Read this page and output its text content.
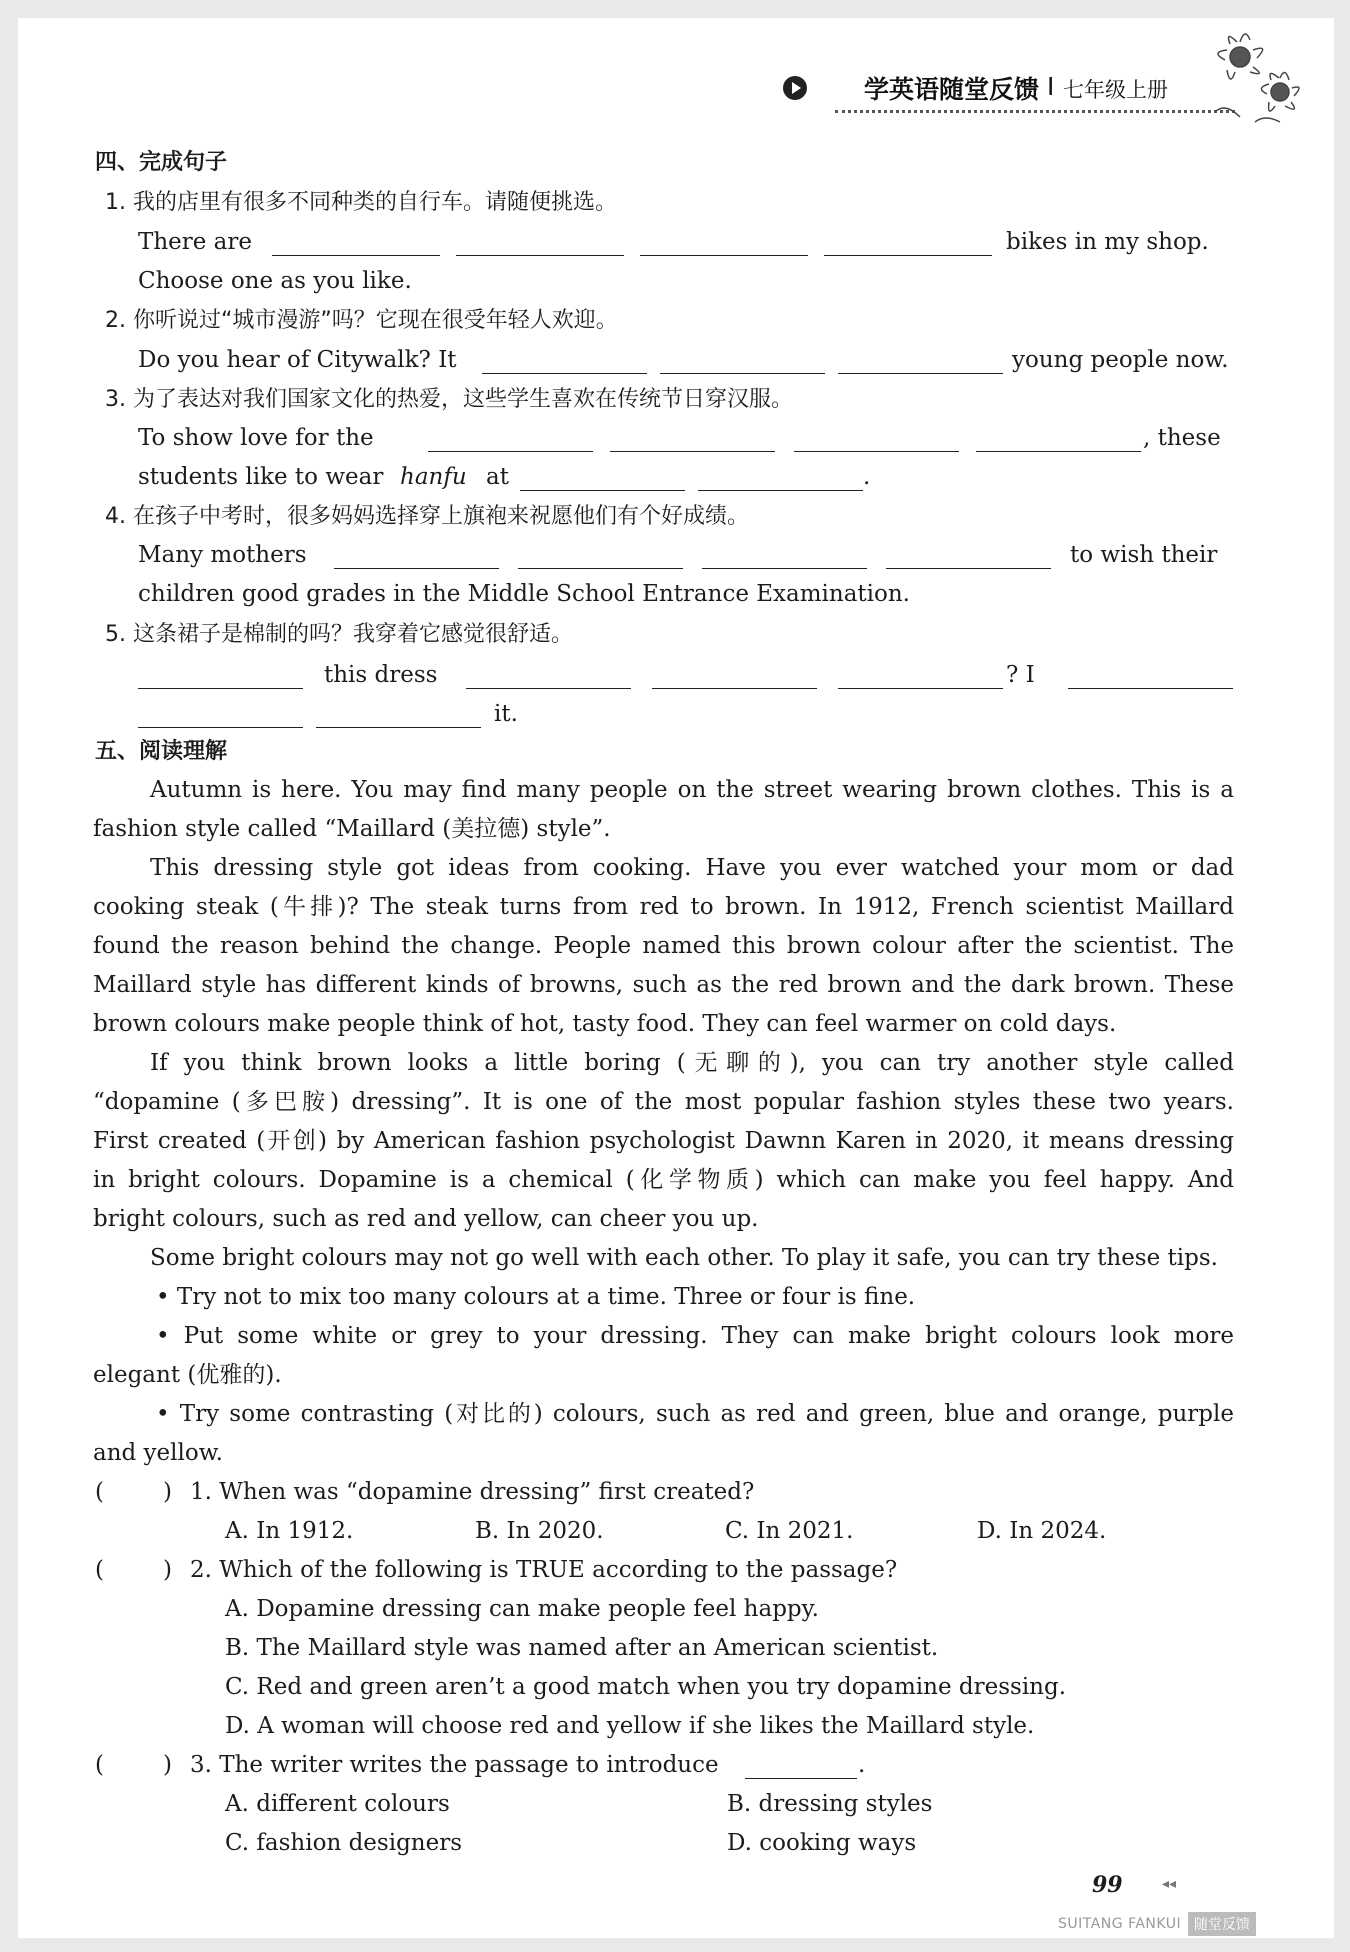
学英语随堂反馈 I 七年级上册
四、完成句子
1. 我的店里有很多不同种类的自行车。请随便挑选。
There are	bikes in my shop.
Choose one as you like.
2. 你听说过“城市漫游”吗？它现在很受年轻人欢迎。
Do you hear of Citywalk? It	young people now.
3. 为了表达对我们国家文化的热爱，这些学生喜欢在传统节日穿汉服。
To show love for the	, these
students like to wear hanfu at	.
4. 在孩子中考时，很多妈妈选择穿上旗袍来祝愿他们有个好成绩。
Many mothers	to wish their
children good grades in the Middle School Entrance Examination.
5. 这条裙子是棉制的吗？我穿着它感觉很舒适。
this dress	? I
it.
五、阅读理解
Autumn is here. You may find many people on the street wearing brown clothes. This is a
fashion style called “Maillard (美拉德) style”.
This dressing style got ideas from cooking. Have you ever watched your mom or dad
cooking steak (牛排)? The steak turns from red to brown. In 1912, French scientist Maillard
found the reason behind the change. People named this brown colour after the scientist. The
Maillard style has different kinds of browns, such as the red brown and the dark brown. These
brown colours make people think of hot, tasty food. They can feel warmer on cold days.
If you think brown looks a little boring (无聊的), you can try another style called
“dopamine (多巴胺) dressing”. It is one of the most popular fashion styles these two years.
First created (开创) by American fashion psychologist Dawnn Karen in 2020, it means dressing
in bright colours. Dopamine is a chemical (化学物质) which can make you feel happy. And
bright colours, such as red and yellow, can cheer you up.
Some bright colours may not go well with each other. To play it safe, you can try these tips.
• Try not to mix too many colours at a time. Three or four is fine.
• Put some white or grey to your dressing. They can make bright colours look more
elegant (优雅的).
• Try some contrasting (对比的) colours, such as red and green, blue and orange, purple
and yellow.
(	) 1. When was “dopamine dressing” first created?
A. In 1912.	B. In 2020.	C. In 2021.	D. In 2024.
(	) 2. Which of the following is TRUE according to the passage?
A. Dopamine dressing can make people feel happy.
B. The Maillard style was named after an American scientist.
C. Red and green aren’t a good match when you try dopamine dressing.
D. A woman will choose red and yellow if she likes the Maillard style.
(	) 3. The writer writes the passage to introduce	.
A. different colours	B. dressing styles
C. fashion designers	D. cooking ways
99	◂◂
SUITANG FANKUI 随堂反馈
